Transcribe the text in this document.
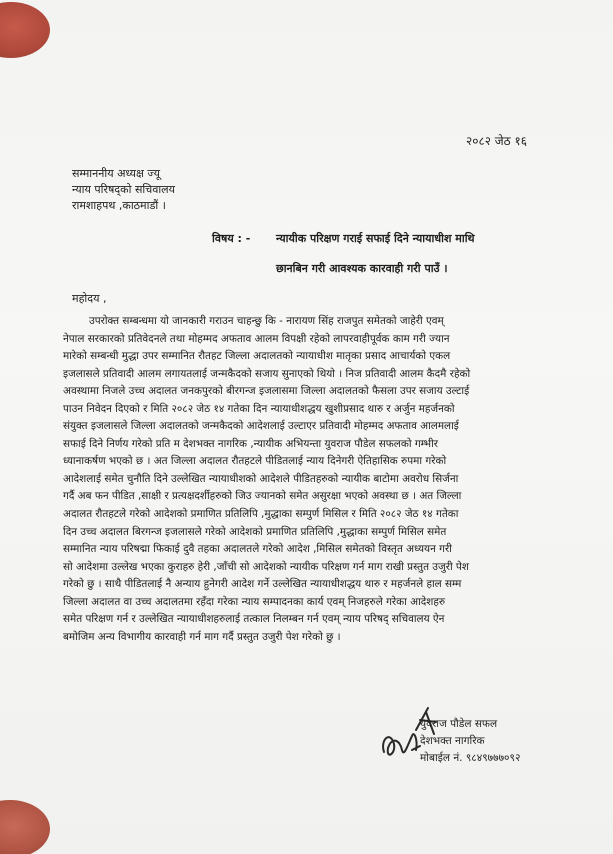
२०८२ जेठ १६
सम्माननीय अध्यक्ष ज्यू
न्याय परिषद्को सचिवालय
रामशाहपथ ,काठमाडौं ।
विषय : - न्यायीक परिक्षण गराई सफाई दिने न्यायाधीश माथि
छानबिन गरी आवश्यक कारवाही गरी पाउँ ।
महोदय ,
उपरोक्त सम्बन्धमा यो जानकारी गराउन चाहन्छु कि - नारायण सिंह राजपुत समेतको जाहेरी एवम्
नेपाल सरकारको प्रतिवेदनले तथा मोहम्मद अफताव आलम विपक्षी रहेको लापरवाहीपूर्वक काम गरी ज्यान
मारेको सम्बन्धी मुद्धा उपर सम्मानित रौतहट जिल्ला अदालतको न्यायाधीश मातृका प्रसाद आचार्यको एकल
इजलासले प्रतिवादी आलम लगायतलाई जन्मकैदको सजाय सुनाएको थियो । निज प्रतिवादी आलम कैदमै रहेको
अवस्थामा निजले उच्च अदालत जनकपुरको बीरगन्ज इजलासमा जिल्ला अदालतको फैसला उपर सजाय उल्टाई
पाउन निवेदन दिएको र मिति २०८२ जेठ १४ गतेका दिन न्यायाधीशद्धय खुशीप्रसाद थारु र अर्जुन महर्जनको
संयुक्त इजलासले जिल्ला अदालतको जन्मकैदको आदेशलाई उल्टाएर प्रतिवादी मोहम्मद अफताव आलमलाई
सफाई दिने निर्णय गरेको प्रति म देशभक्त नागरिक ,न्यायीक अभियन्ता युवराज पौडेल सफलको गम्भीर
ध्यानाकर्षण भएको छ । अत जिल्ला अदालत रौतहटले पीडितलाई न्याय दिनेगरी ऐतिहासिक रुपमा गरेको
आदेशलाई समेत चुनौति दिने उल्लेखित न्यायाधीशको आदेशले पीडितहरुको न्यायीक बाटोमा अवरोध सिर्जना
गर्दै अब फन पीडित ,साक्षी र प्रत्यक्षदर्शीहरुको जिउ ज्यानको समेत असुरक्षा भएको अवस्था छ । अत जिल्ला
अदालत रौतहटले गरेको आदेशको प्रमाणित प्रतिलिपि ,मुद्धाका सम्पुर्ण मिसिल र मिति २०८२ जेठ १४ गतेका
दिन उच्च अदालत बिरगन्ज इजलासले गरेको आदेशको प्रमाणित प्रतिलिपि ,मुद्धाका सम्पुर्ण मिसिल समेत
सम्मानित न्याय परिषद्मा फिकाई दुवै तहका अदालतले गरेको आदेश ,मिसिल समेतको विस्तृत अध्ययन गरी
सो आदेशमा उल्लेख भएका कुराहरु हेरी ,जाँची सो आदेशको न्यायीक परिक्षण गर्न माग राखी प्रस्तुत उजुरी पेश
गरेको छु । साथै पीडितलाई नै अन्याय हुनेगरी आदेश गर्ने उल्लेखित न्यायाधीशद्धय थारु र महर्जनले हाल सम्म
जिल्ला अदालत वा उच्च अदालतमा रहँदा गरेका न्याय सम्पादनका कार्य एवम् निजहरुले गरेका आदेशहरु
समेत परिक्षण गर्न र उल्लेखित न्यायाधीशहरुलाई तत्काल निलम्बन गर्न एवम् न्याय परिषद् सचिवालय ऐन
बमोजिम अन्य विभागीय कारवाही गर्न माग गर्दै प्रस्तुत उजुरी पेश गरेको छु ।
युवराज पौडेल सफल
देशभक्त नागरिक
मोबाईल नं. ९८४९७७७०९२
